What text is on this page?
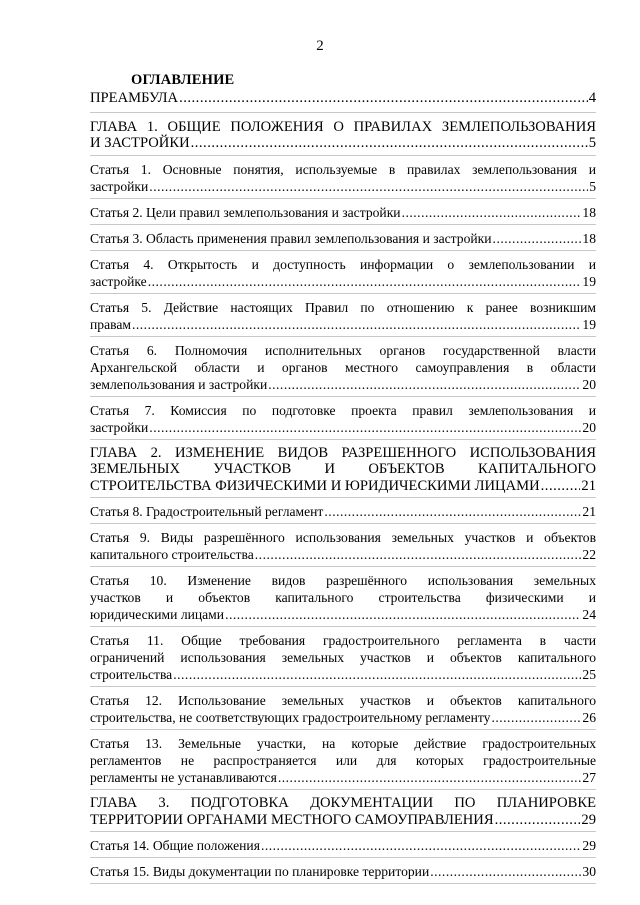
2
ОГЛАВЛЕНИЕ
ПРЕАМБУЛА .....	4
ГЛАВА 1. ОБЩИЕ ПОЛОЖЕНИЯ О ПРАВИЛАХ ЗЕМЛЕПОЛЬЗОВАНИЯ
И ЗАСТРОЙКИ .....	5
Статья 1. Основные понятия, используемые в правилах землепользования и
застройки .....	5
Статья 2. Цели правил землепользования и застройки .....	18
Статья 3. Область применения правил землепользования и застройки .....	18
Статья 4. Открытость и доступность информации о землепользовании и
застройке .....	19
Статья 5. Действие настоящих Правил по отношению к ранее возникшим
правам .....	19
Статья 6. Полномочия исполнительных органов государственной власти
Архангельской области и органов местного самоуправления в области
землепользования и застройки .....	20
Статья 7. Комиссия по подготовке проекта правил землепользования и
застройки .....	20
ГЛАВА 2. ИЗМЕНЕНИЕ ВИДОВ РАЗРЕШЕННОГО ИСПОЛЬЗОВАНИЯ
ЗЕМЕЛЬНЫХ УЧАСТКОВ И ОБЪЕКТОВ КАПИТАЛЬНОГО
СТРОИТЕЛЬСТВА ФИЗИЧЕСКИМИ И ЮРИДИЧЕСКИМИ ЛИЦАМИ .....	21
Статья 8. Градостроительный регламент .....	21
Статья 9. Виды разрешённого использования земельных участков и объектов
капитального строительства .....	22
Статья 10. Изменение видов разрешённого использования земельных
участков и объектов капитального строительства физическими и
юридическими лицами .....	24
Статья 11. Общие требования градостроительного регламента в части
ограничений использования земельных участков и объектов капитального
строительства .....	25
Статья 12. Использование земельных участков и объектов капитального
строительства, не соответствующих градостроительному регламенту .....	26
Статья 13. Земельные участки, на которые действие градостроительных
регламентов не распространяется или для которых градостроительные
регламенты не устанавливаются .....	27
ГЛАВА 3. ПОДГОТОВКА ДОКУМЕНТАЦИИ ПО ПЛАНИРОВКЕ
ТЕРРИТОРИИ ОРГАНАМИ МЕСТНОГО САМОУПРАВЛЕНИЯ .....	29
Статья 14. Общие положения .....	29
Статья 15. Виды документации по планировке территории .....	30
